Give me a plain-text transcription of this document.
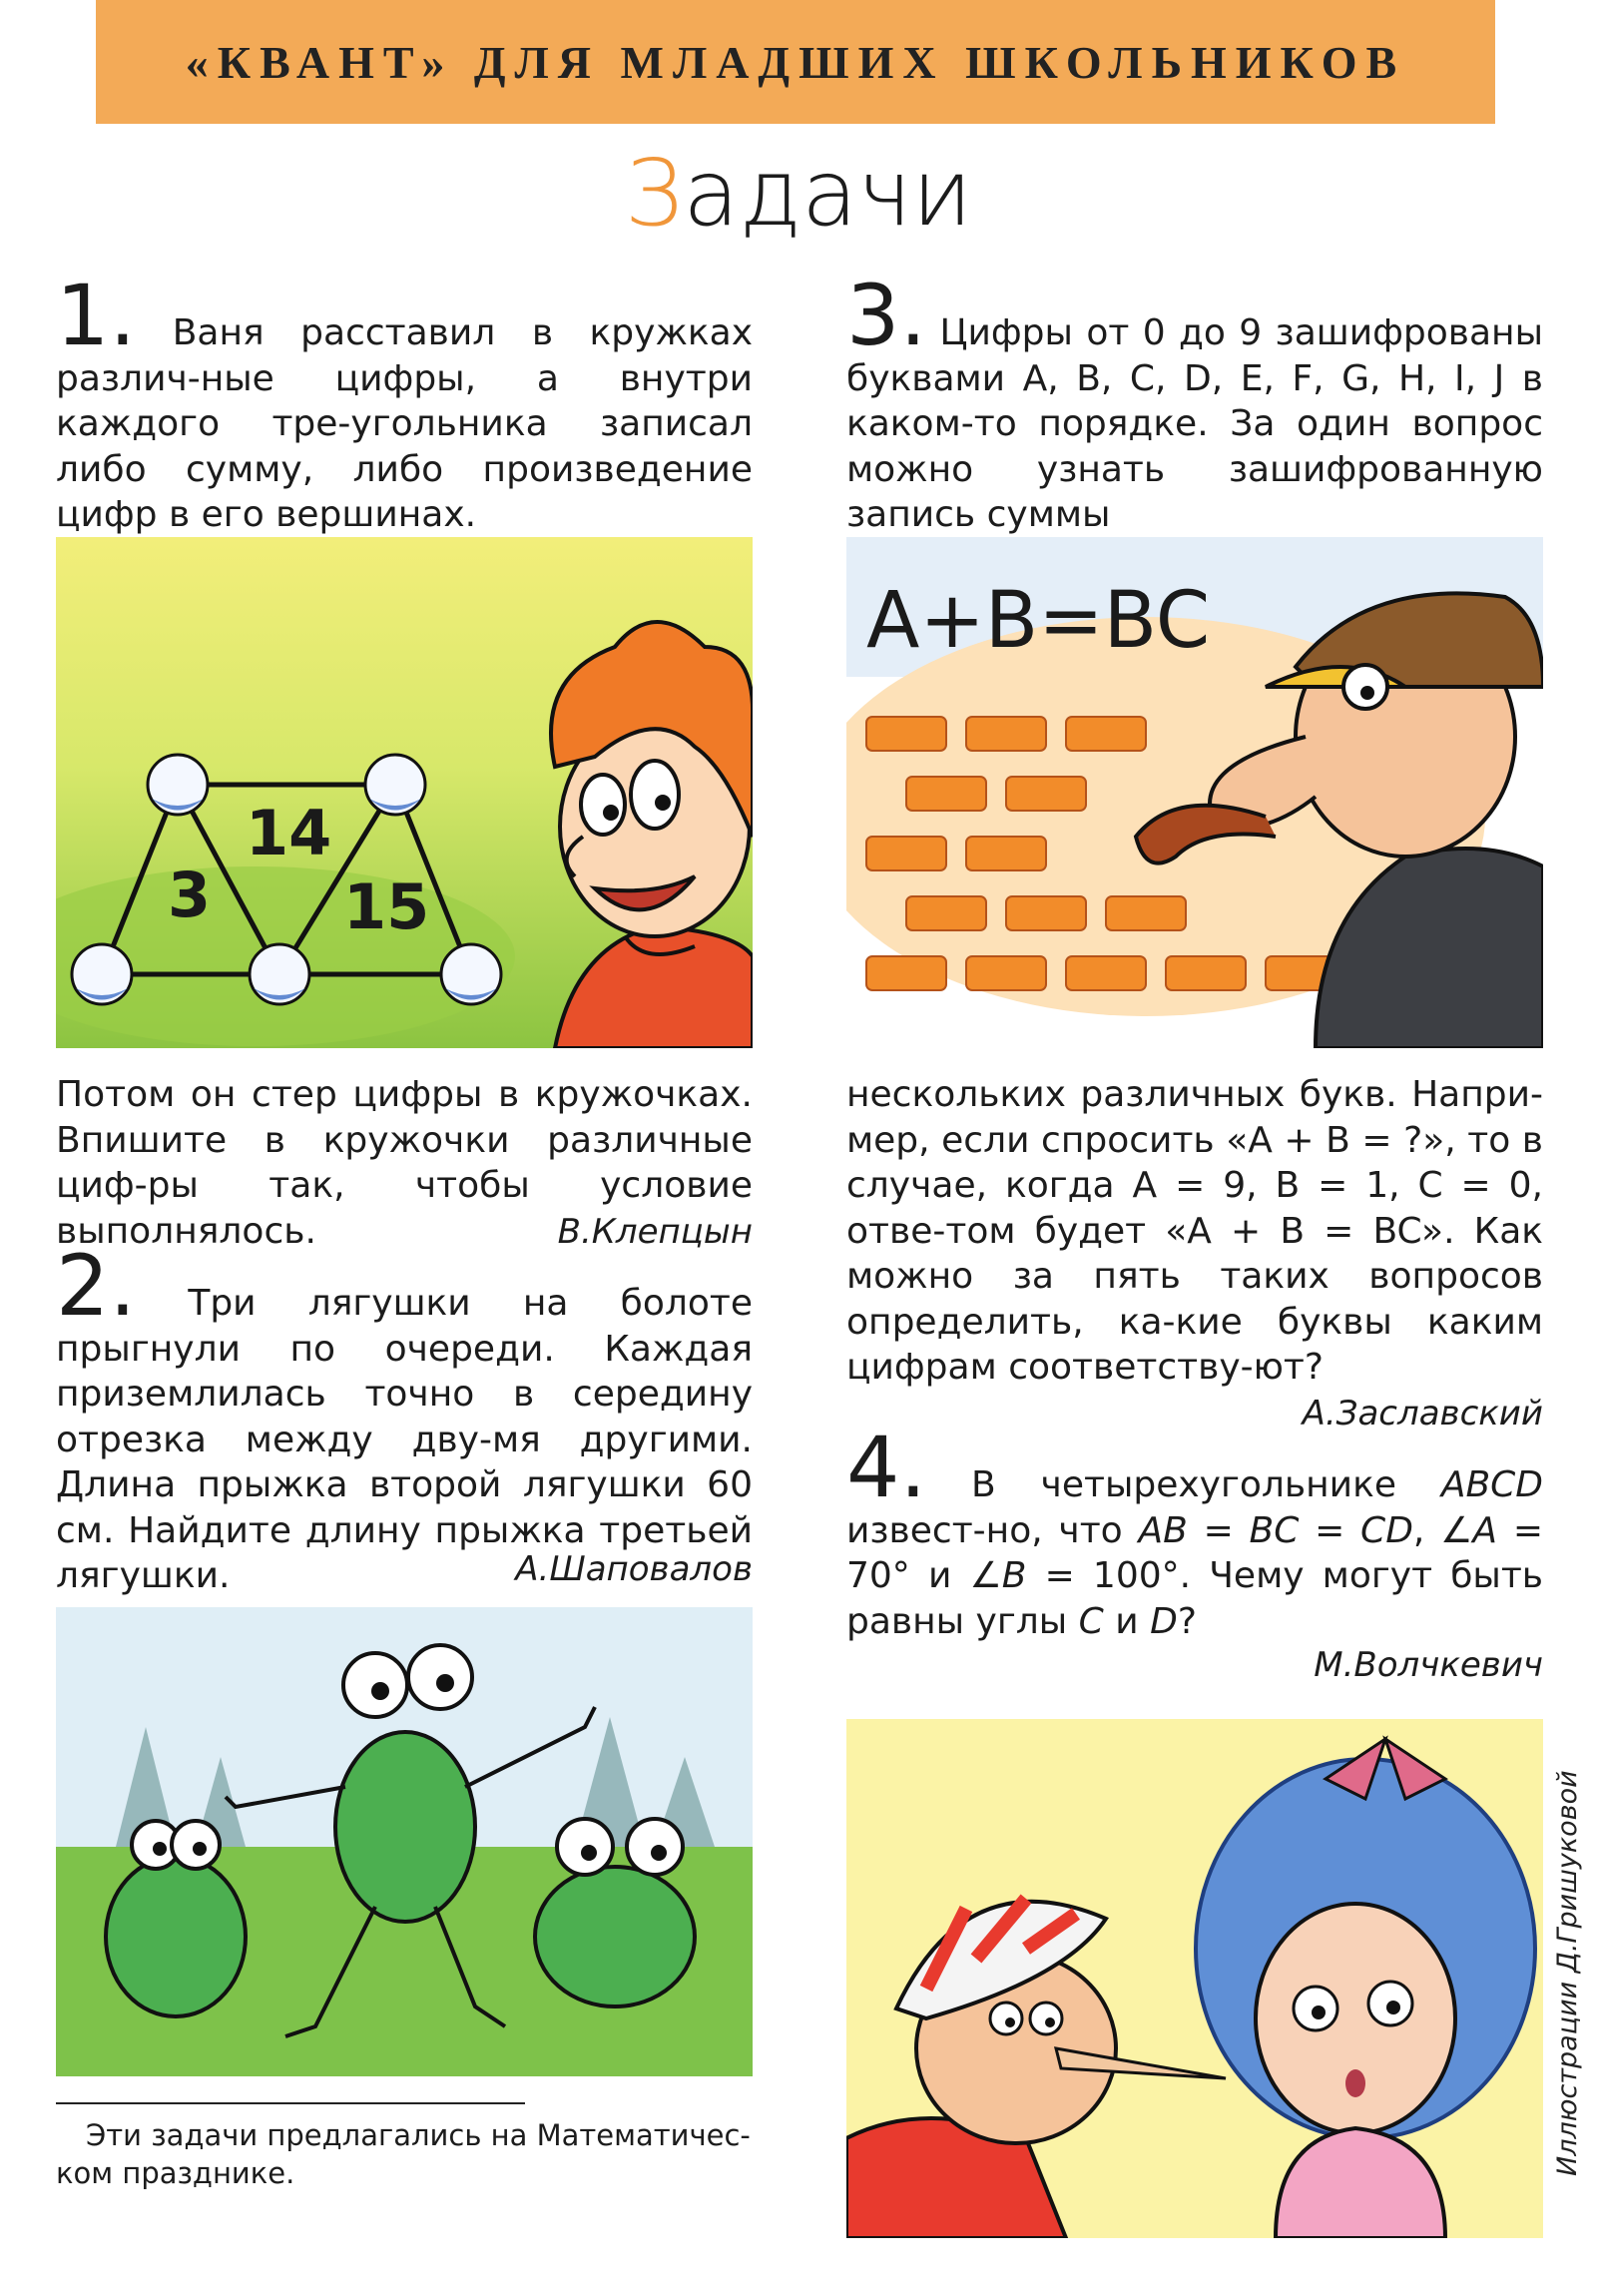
«КВАНТ» ДЛЯ МЛАДШИХ ШКОЛЬНИКОВ
Задачи
1. Ваня расставил в кружках различ-ные цифры, а внутри каждого тре-угольника записал либо сумму, либо произведение цифр в его вершинах.
14
3 15
Потом он стер цифры в кружочках. Впишите в кружочки различные циф-ры так, чтобы условие выполнялось.	В.Клепцын
2. Три лягушки на болоте прыгнули по очереди. Каждая приземлилась точно в середину отрезка между дву-мя другими. Длина прыжка второй лягушки 60 см. Найдите длину прыжка третьей лягушки.	А.Шаповалов
Эти задачи предлагались на Математичес-ком празднике.
3. Цифры от 0 до 9 зашифрованы буквами A, B, C, D, E, F, G, H, I, J в каком-то порядке. За один вопрос можно узнать зашифрованную запись суммы
A+B=BC
нескольких различных букв. Напри-мер, если спросить «A + B = ?», то в случае, когда A = 9, B = 1, C = 0, отве-том будет «A + B = BC». Как можно за пять таких вопросов определить, ка-кие буквы каким цифрам соответству-ют?
А.Заславский
4. В четырехугольнике ABCD извест-но, что AB = BC = CD, ∠A = 70° и ∠B = 100°. Чему могут быть равны углы C и D?
М.Волчкевич
Иллюстрации Д.Гришуковой
